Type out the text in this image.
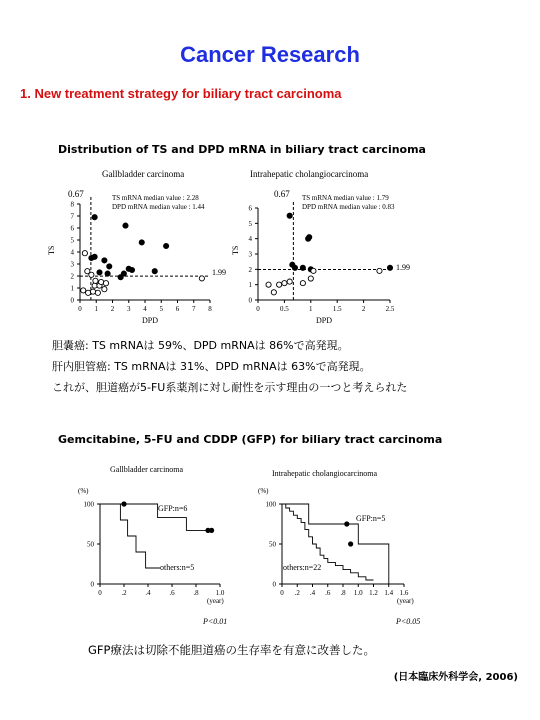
Cancer Research
1. New treatment strategy for biliary tract carcinoma
Distribution of TS and DPD mRNA in biliary tract carcinoma
Gallbladder carcinoma
0.67	TS mRNA median value : 2.28
DPD mRNA median value : 1.44
TS
DPD
0 1 2 3 4 5 6 7 8
0
1
2
3
4
5
6
7
8
1.99
Intrahepatic cholangiocarcinoma
0.67 TS mRNA median value : 1.79
DPD mRNA median value : 0.83
TS
DPD
0	0.5	1	1.5	2	2.5
0
1
2
3
4
5
6
1.99
胆嚢癌: TS mRNAは 59%、DPD mRNAは 86%で高発現。
肝内胆管癌: TS mRNAは 31%、DPD mRNAは 63%で高発現。
これが、胆道癌が5-FU系薬剤に対し耐性を示す理由の一つと考えられた
Gemcitabine, 5-FU and CDDP (GFP) for biliary tract carcinoma
Gallbladder carcinoma
(%)
(year)
GFP:n=6
others:n=5
P<0.01
0	.2	.4	.6	.8 1.0
0
50
100
Intrahepatic cholangiocarcinoma
(%)
(year)
GFP:n=5
others:n=22
P<0.05
0 .2 .4 .6 .8 1.0 1.2 1.4 1.6
0
50
100
GFP療法は切除不能胆道癌の生存率を有意に改善した。
(日本臨床外科学会, 2006)
